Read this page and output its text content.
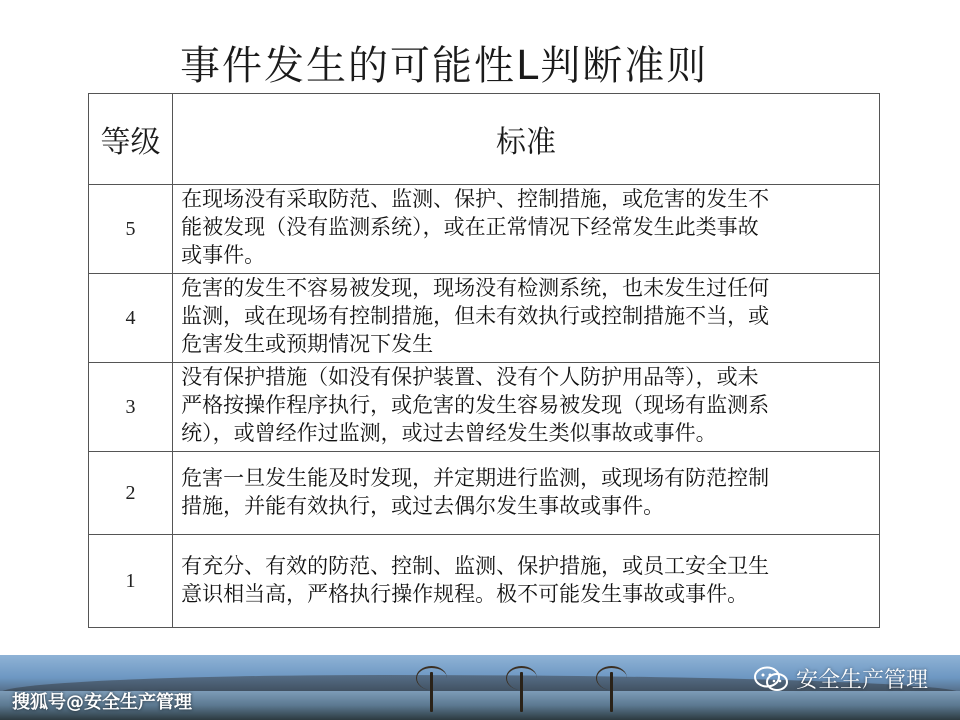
事件发生的可能性L判断准则
等级	标准
5	在现场没有采取防范、监测、保护、控制措施，或危害的发生不
能被发现（没有监测系统），或在正常情况下经常发生此类事故
或事件。

4	危害的发生不容易被发现，现场没有检测系统，也未发生过任何
监测，或在现场有控制措施，但未有效执行或控制措施不当，或
危害发生或预期情况下发生

3	没有保护措施（如没有保护装置、没有个人防护用品等），或未
严格按操作程序执行，或危害的发生容易被发现（现场有监测系
统），或曾经作过监测，或过去曾经发生类似事故或事件。

2	危害一旦发生能及时发现，并定期进行监测，或现场有防范控制
措施，并能有效执行，或过去偶尔发生事故或事件。

1	有充分、有效的防范、控制、监测、保护措施，或员工安全卫生
意识相当高，严格执行操作规程。极不可能发生事故或事件。
安全生产管理
搜狐号@安全生产管理
